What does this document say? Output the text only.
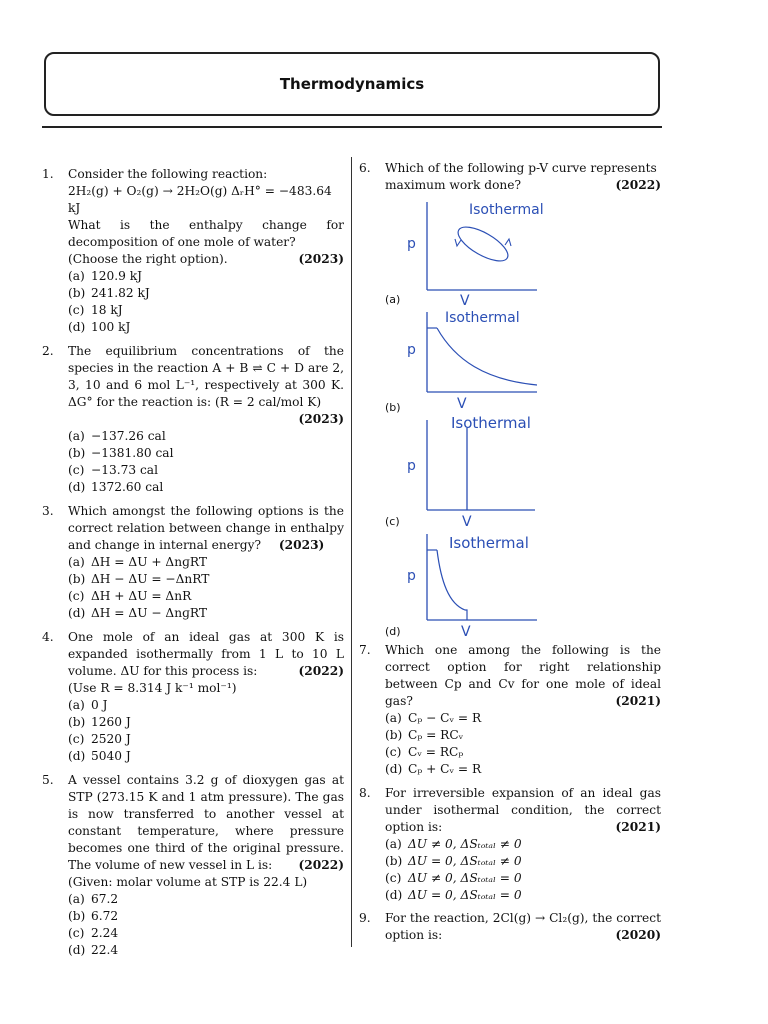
Thermodynamics
1.	Consider the following reaction:
2H₂(g) + O₂(g) → 2H₂O(g) ΔᵣH° = −483.64 kJ
What is the enthalpy change for decomposition of one mole of water?
(Choose the right option).	(2023)
(a) 120.9 kJ
(b) 241.82 kJ
(c) 18 kJ
(d) 100 kJ
2.	The equilibrium concentrations of the species in the reaction A + B ⇌ C + D are 2, 3, 10 and 6 mol L⁻¹, respectively at 300 K. ΔG° for the reaction is: (R = 2 cal/mol K)
(2023)
(a) −137.26 cal
(b) −1381.80 cal
(c) −13.73 cal
(d) 1372.60 cal
3.	Which amongst the following options is the correct relation between change in enthalpy and change in internal energy? (2023)
(a) ΔH = ΔU + ΔnɡRT
(b) ΔH − ΔU = −ΔnRT
(c) ΔH + ΔU = ΔnR
(d) ΔH = ΔU − ΔnɡRT
4.	One mole of an ideal gas at 300 K is expanded isothermally from 1 L to 10 L volume. ΔU for this process is:	(2022)
(Use R = 8.314 J k⁻¹ mol⁻¹)
(a) 0 J
(b) 1260 J
(c) 2520 J
(d) 5040 J
5.	A vessel contains 3.2 g of dioxygen gas at STP (273.15 K and 1 atm pressure). The gas is now transferred to another vessel at constant temperature, where pressure becomes one third of the original pressure. The volume of new vessel in L is: (2022)
(Given: molar volume at STP is 22.4 L)
(a) 67.2
(b) 6.72
(c) 2.24
(d) 22.4
6.	Which of the following p-V curve represents maximum work done?	(2022)
(a)
Isothermal
p
V
(b)
Isothermal
p
V
(c)
Isothermal
p
V
(d)
Isothermal
p
V
7.	Which one among the following is the correct option for right relationship between Cp and Cv for one mole of ideal gas?	(2021)
(a) Cₚ − Cᵥ = R
(b) Cₚ = RCᵥ
(c) Cᵥ = RCₚ
(d) Cₚ + Cᵥ = R
8.	For irreversible expansion of an ideal gas under isothermal condition, the correct option is:	(2021)
(a) ΔU ≠ 0, ΔSₜₒₜₐₗ ≠ 0
(b) ΔU = 0, ΔSₜₒₜₐₗ ≠ 0
(c) ΔU ≠ 0, ΔSₜₒₜₐₗ = 0
(d) ΔU = 0, ΔSₜₒₜₐₗ = 0
9.	For the reaction, 2Cl(g) → Cl₂(g), the correct option is:	(2020)
